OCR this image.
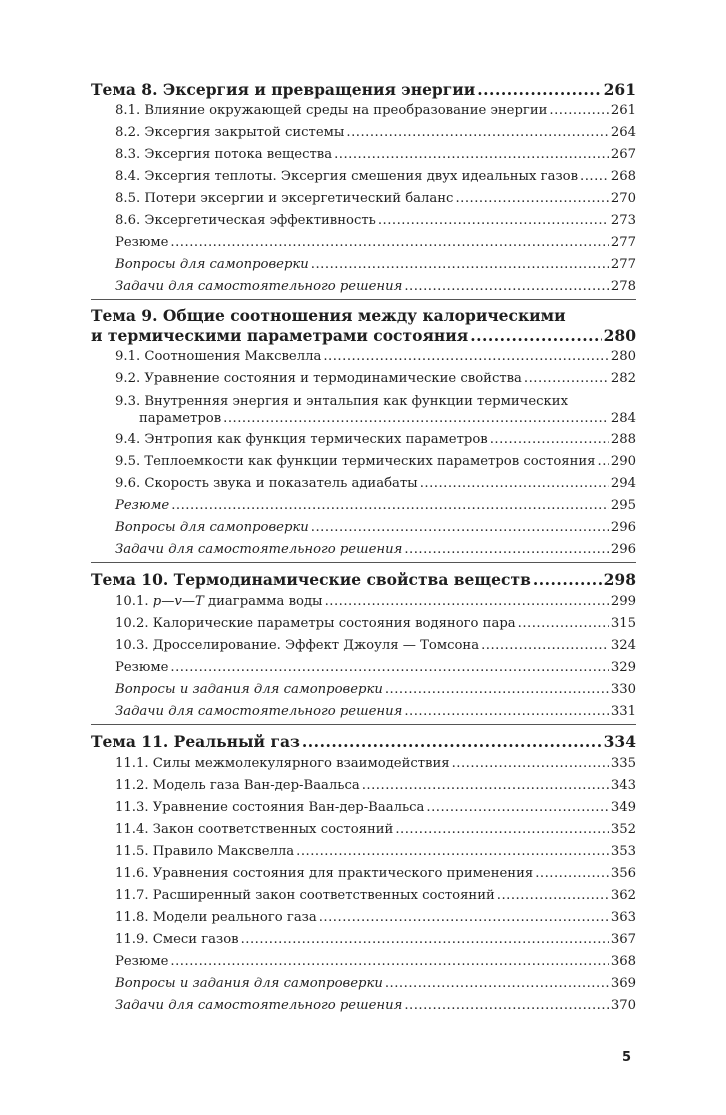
Тема 8. Эксергия и превращения энергии .....	261
8.1. Влияние окружающей среды на преобразование энергии .....	261
8.2. Эксергия закрытой системы .....	264
8.3. Эксергия потока вещества .....	267
8.4. Эксергия теплоты. Эксергия смешения двух идеальных газов ..... 268
8.5. Потери эксергии и эксергетический баланс .....	270
8.6. Эксергетическая эффективность .....	273
Резюме .....	277
Вопросы для самопроверки .....	277
Задачи для самостоятельного решения .....	278
Тема 9. Общие соотношения между калорическими
и термическими параметрами состояния .....	280
9.1. Соотношения Максвелла .....	280
9.2. Уравнение состояния и термодинамические свойства .....	282
9.3. Внутренняя энергия и энтальпия как функции термических
параметров .....	284
9.4. Энтропия как функция термических параметров .....	288
9.5. Теплоемкости как функции термических параметров состояния ..... 290
9.6. Скорость звука и показатель адиабаты .....	294
Резюме .....	295
Вопросы для самопроверки .....	296
Задачи для самостоятельного решения .....	296
Тема 10. Термодинамические свойства веществ .....	298
10.1. p—v—T диаграмма воды .....	299
10.2. Калорические параметры состояния водяного пара .....	315
10.3. Дросселирование. Эффект Джоуля — Томсона .....	324
Резюме .....	329
Вопросы и задания для самопроверки .....	330
Задачи для самостоятельного решения .....	331
Тема 11. Реальный газ .....	334
11.1. Силы межмолекулярного взаимодействия .....	335
11.2. Модель газа Ван-дер-Ваальса .....	343
11.3. Уравнение состояния Ван-дер-Ваальса .....	349
11.4. Закон соответственных состояний .....	352
11.5. Правило Максвелла .....	353
11.6. Уравнения состояния для практического применения .....	356
11.7. Расширенный закон соответственных состояний .....	362
11.8. Модели реального газа .....	363
11.9. Смеси газов .....	367
Резюме .....	368
Вопросы и задания для самопроверки .....	369
Задачи для самостоятельного решения .....	370
5
